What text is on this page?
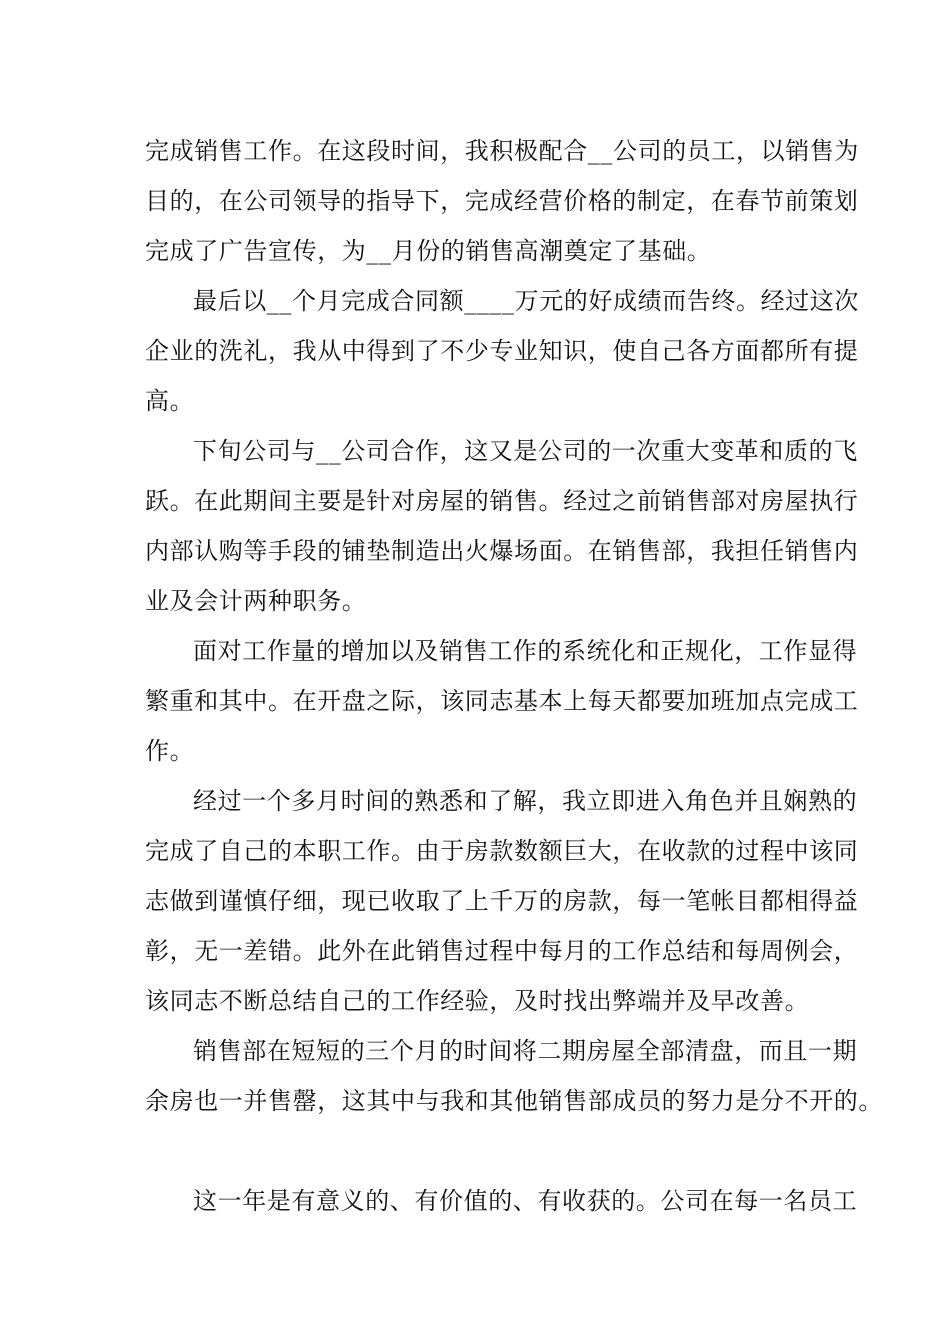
完成销售工作。在这段时间，我积极配合__公司的员工，以销售为
目的，在公司领导的指导下，完成经营价格的制定，在春节前策划
完成了广告宣传，为__月份的销售高潮奠定了基础。
最后以__个月完成合同额____万元的好成绩而告终。经过这次
企业的洗礼，我从中得到了不少专业知识，使自己各方面都所有提
高。
下旬公司与__公司合作，这又是公司的一次重大变革和质的飞
跃。在此期间主要是针对房屋的销售。经过之前销售部对房屋执行
内部认购等手段的铺垫制造出火爆场面。在销售部，我担任销售内
业及会计两种职务。
面对工作量的增加以及销售工作的系统化和正规化，工作显得
繁重和其中。在开盘之际，该同志基本上每天都要加班加点完成工
作。
经过一个多月时间的熟悉和了解，我立即进入角色并且娴熟的
完成了自己的本职工作。由于房款数额巨大，在收款的过程中该同
志做到谨慎仔细，现已收取了上千万的房款，每一笔帐目都相得益
彰，无一差错。此外在此销售过程中每月的工作总结和每周例会，
该同志不断总结自己的工作经验，及时找出弊端并及早改善。
销售部在短短的三个月的时间将二期房屋全部清盘，而且一期
余房也一并售罄，这其中与我和其他销售部成员的努力是分不开的。
这一年是有意义的、有价值的、有收获的。公司在每一名员工
